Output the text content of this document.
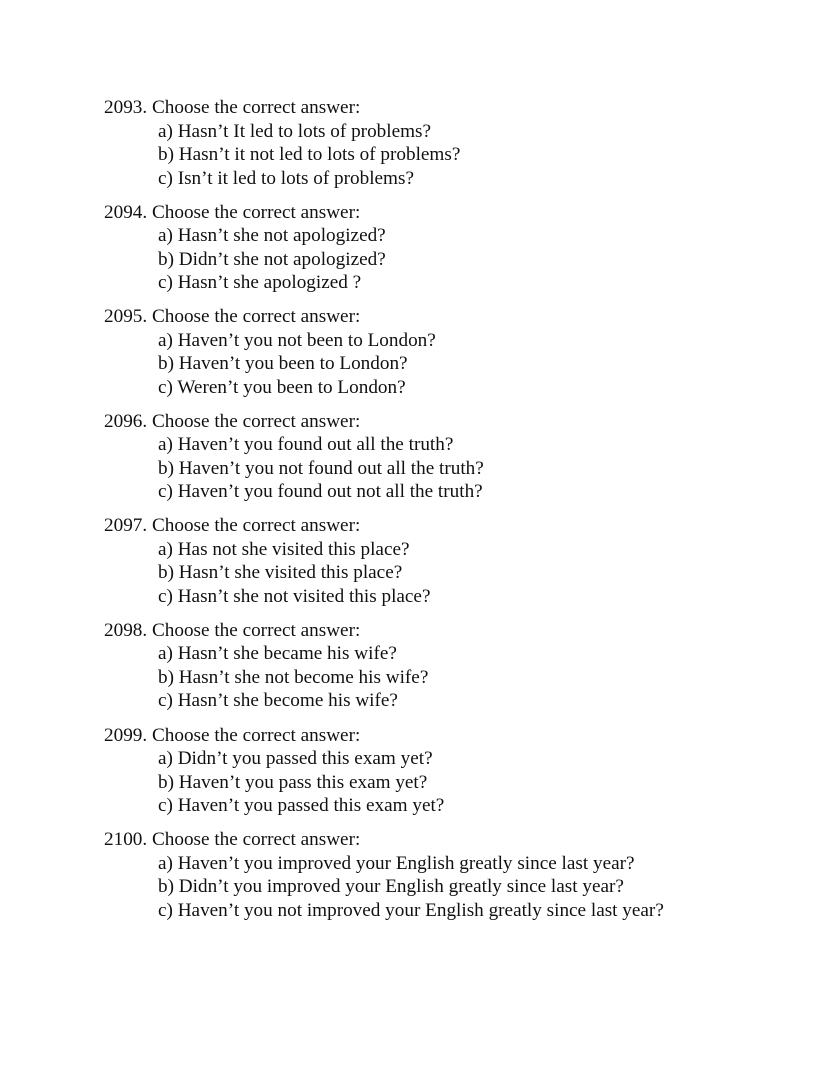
2093. Choose the correct answer:
a) Hasn’t It led to lots of problems?
b) Hasn’t it not led to lots of problems?
c) Isn’t it led to lots of problems?
2094. Choose the correct answer:
a) Hasn’t she not apologized?
b) Didn’t she not apologized?
c) Hasn’t she apologized ?
2095. Choose the correct answer:
a) Haven’t you not been to London?
b) Haven’t you been to London?
c) Weren’t you been to London?
2096. Choose the correct answer:
a) Haven’t you found out all the truth?
b) Haven’t you not found out all the truth?
c) Haven’t you found out not all the truth?
2097. Choose the correct answer:
a) Has not she visited this place?
b) Hasn’t she visited this place?
c) Hasn’t she not visited this place?
2098. Choose the correct answer:
a) Hasn’t she became his wife?
b) Hasn’t she not become his wife?
c) Hasn’t she become his wife?
2099. Choose the correct answer:
a) Didn’t you passed this exam yet?
b) Haven’t you pass this exam yet?
c) Haven’t you passed this exam yet?
2100. Choose the correct answer:
a) Haven’t you improved your English greatly since last year?
b) Didn’t you improved your English greatly since last year?
c) Haven’t you not improved your English greatly since last year?
